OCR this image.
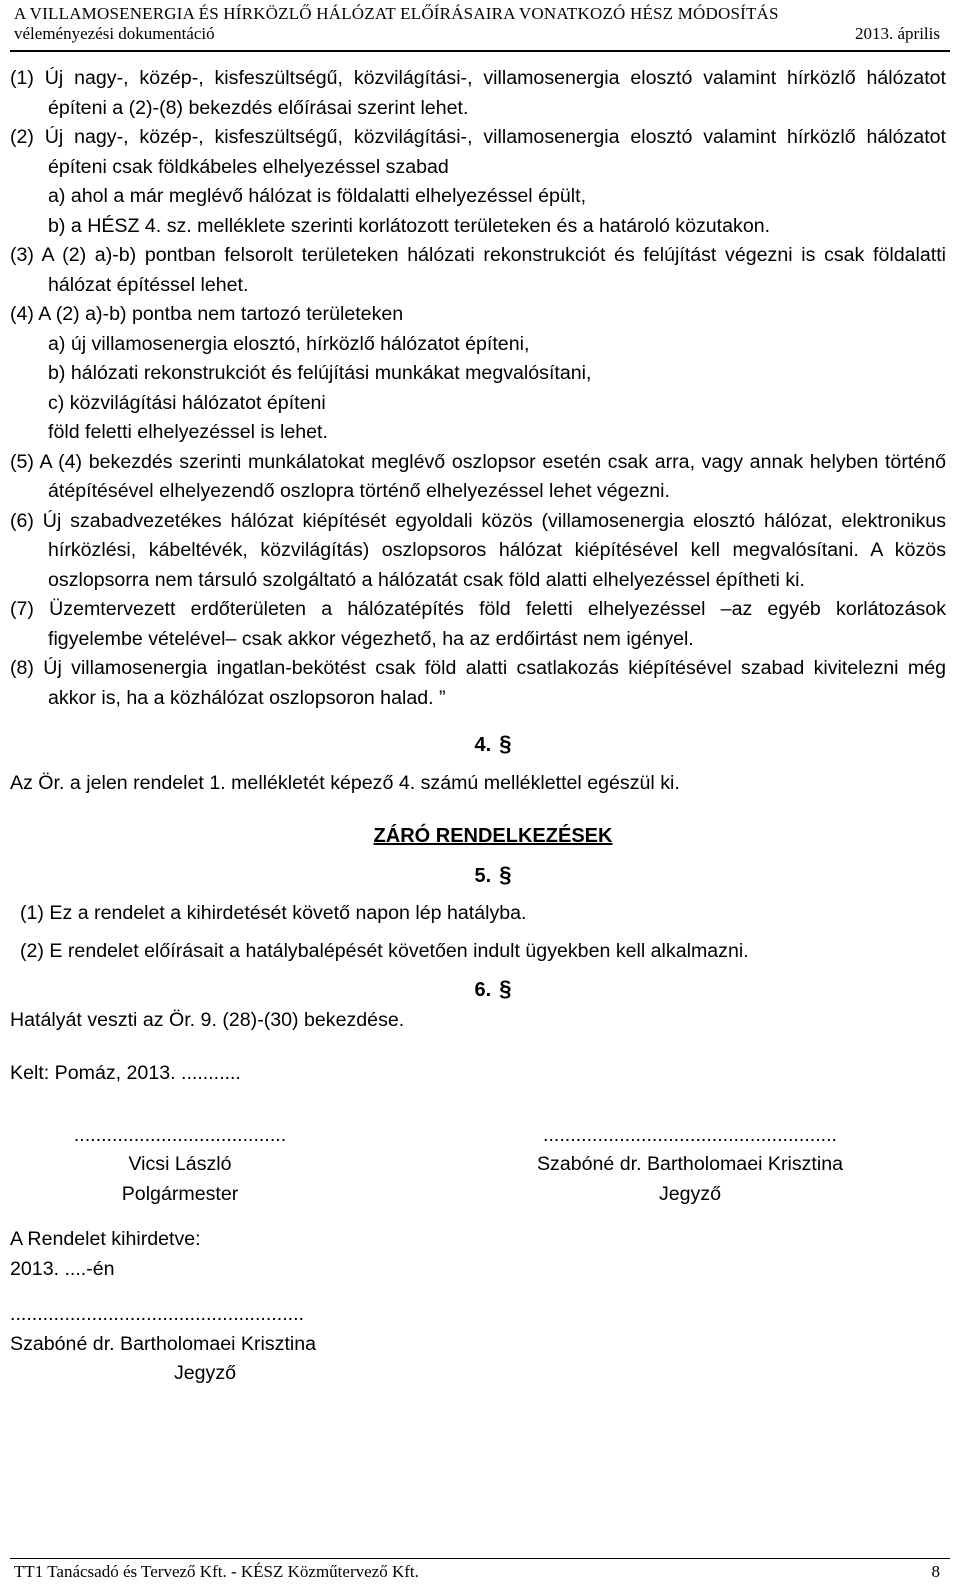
A VILLAMOSENERGIA ÉS HÍRKÖZLŐ HÁLÓZAT ELŐÍRÁSAIRA VONATKOZÓ HÉSZ MÓDOSÍTÁS
véleményezési dokumentáció	2013. április

(1) Új nagy-, közép-, kisfeszültségű, közvilágítási-, villamosenergia elosztó valamint hírközlő hálózatot építeni a (2)-(8) bekezdés előírásai szerint lehet.

(2) Új nagy-, közép-, kisfeszültségű, közvilágítási-, villamosenergia elosztó valamint hírközlő hálózatot építeni csak földkábeles elhelyezéssel szabad

a) ahol a már meglévő hálózat is földalatti elhelyezéssel épült,

b) a HÉSZ 4. sz. melléklete szerinti korlátozott területeken és a határoló közutakon.

(3) A (2) a)-b) pontban felsorolt területeken hálózati rekonstrukciót és felújítást végezni is csak földalatti hálózat építéssel lehet.

(4) A (2) a)-b) pontba nem tartozó területeken

a) új villamosenergia elosztó, hírközlő hálózatot építeni,

b) hálózati rekonstrukciót és felújítási munkákat megvalósítani,

c) közvilágítási hálózatot építeni

föld feletti elhelyezéssel is lehet.

(5) A (4) bekezdés szerinti munkálatokat meglévő oszlopsor esetén csak arra, vagy annak helyben történő átépítésével elhelyezendő oszlopra történő elhelyezéssel lehet végezni.

(6) Új szabadvezetékes hálózat kiépítését egyoldali közös (villamosenergia elosztó hálózat, elektronikus hírközlési, kábeltévék, közvilágítás) oszlopsoros hálózat kiépítésével kell megvalósítani. A közös oszlopsorra nem társuló szolgáltató a hálózatát csak föld alatti elhelyezéssel építheti ki.

(7) Üzemtervezett erdőterületen a hálózatépítés föld feletti elhelyezéssel –az egyéb korlátozások figyelembe vételével– csak akkor végezhető, ha az erdőirtást nem igényel.

(8) Új villamosenergia ingatlan-bekötést csak föld alatti csatlakozás kiépítésével szabad kivitelezni még akkor is, ha a közhálózat oszlopsoron halad. ”

4. §

Az Ör. a jelen rendelet 1. mellékletét képező 4. számú melléklettel egészül ki.

ZÁRÓ RENDELKEZÉSEK

5. §

(1) Ez a rendelet a kihirdetését követő napon lép hatályba.

(2) E rendelet előírásait a hatálybalépését követően indult ügyekben kell alkalmazni.

6. §

Hatályát veszti az Ör. 9. (28)-(30) bekezdése.

Kelt: Pomáz, 2013. ...........

.......................................
Vicsi László
Polgármester
......................................................
Szabóné dr. Bartholomaei Krisztina
Jegyző

A Rendelet kihirdetve:

2013. ....-én

......................................................
Szabóné dr. Bartholomaei Krisztina
Jegyző
TT1 Tanácsadó és Tervező Kft. - KÉSZ Közműtervező Kft.	8
